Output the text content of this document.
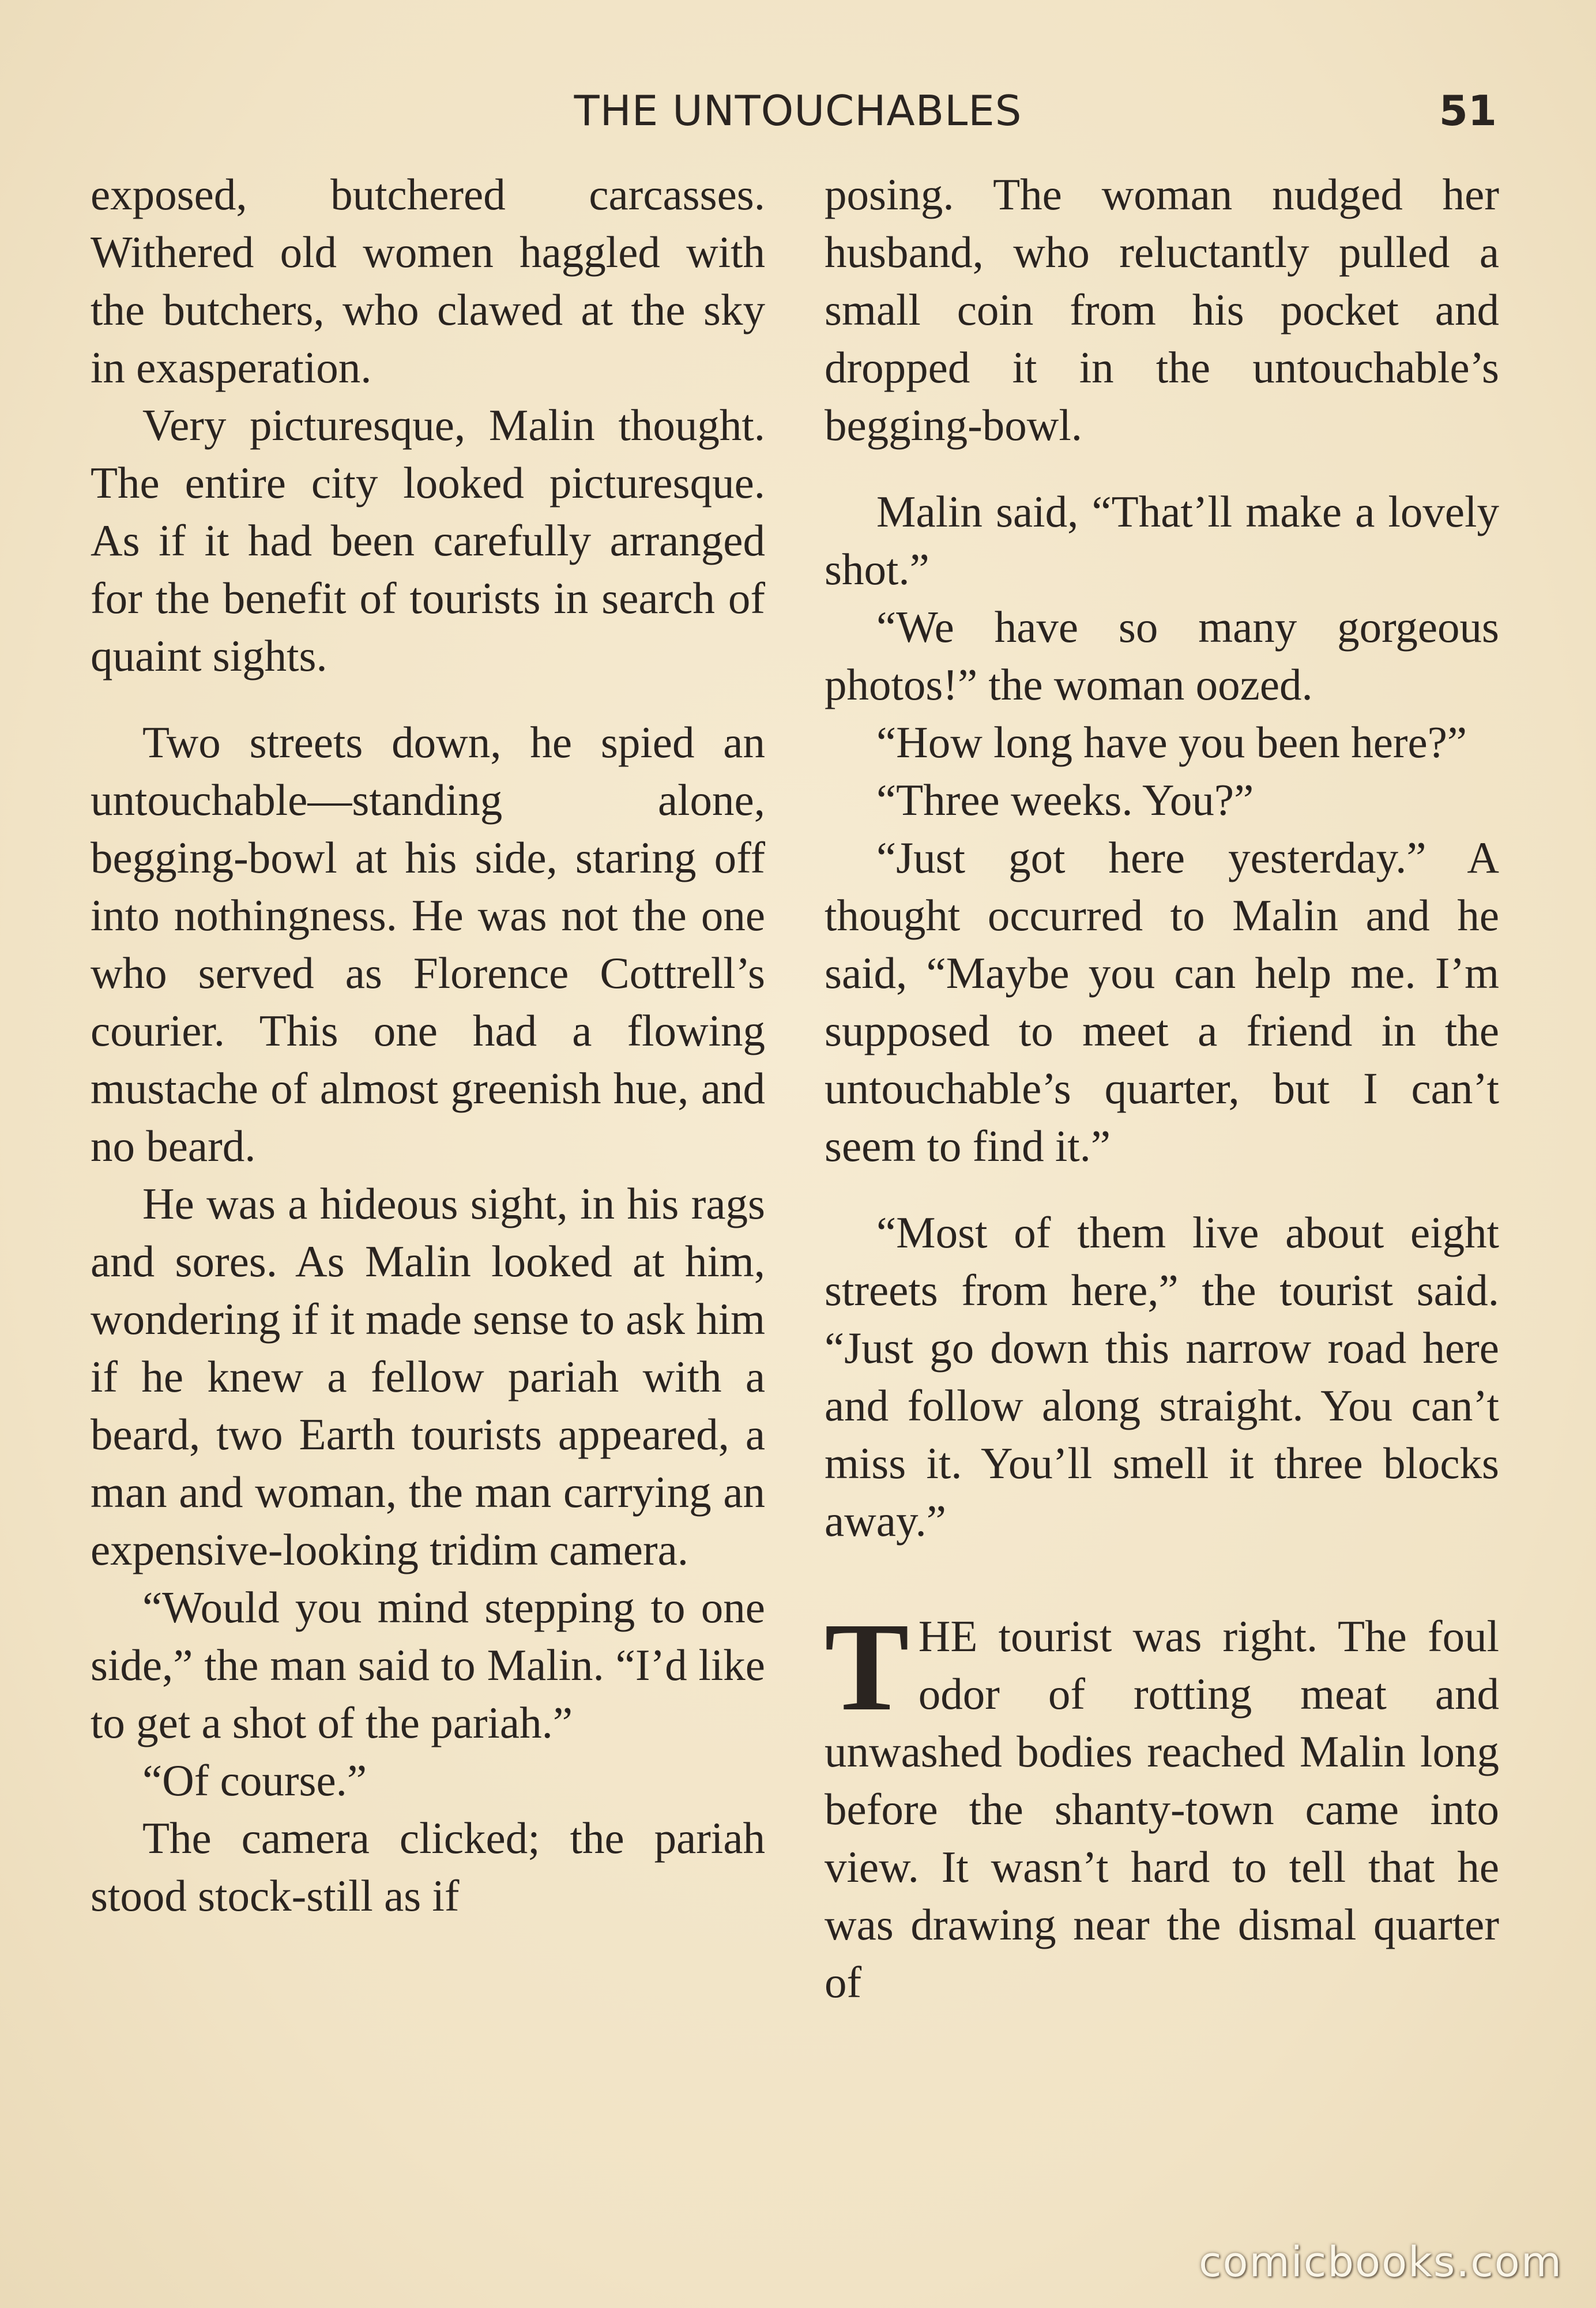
THE UNTOUCHABLES	51

exposed, butchered carcasses. Withered old women haggled with the butchers, who clawed at the sky in exasperation.

Very picturesque, Malin thought. The entire city looked picturesque. As if it had been carefully arranged for the benefit of tourists in search of quaint sights.

Two streets down, he spied an untouchable—standing alone, begging-bowl at his side, staring off into nothingness. He was not the one who served as Florence Cottrell’s courier. This one had a flowing mustache of almost greenish hue, and no beard.

He was a hideous sight, in his rags and sores. As Malin looked at him, wondering if it made sense to ask him if he knew a fellow pariah with a beard, two Earth tourists appeared, a man and woman, the man carrying an expensive-looking tridim camera.

“Would you mind stepping to one side,” the man said to Malin. “I’d like to get a shot of the pariah.”

“Of course.”

The camera clicked; the pariah stood stock-still as if

posing. The woman nudged her husband, who reluctantly pulled a small coin from his pocket and dropped it in the untouchable’s begging-bowl.

Malin said, “That’ll make a lovely shot.”

“We have so many gorgeous photos!” the woman oozed.

“How long have you been here?”

“Three weeks. You?”

“Just got here yesterday.” A thought occurred to Malin and he said, “Maybe you can help me. I’m supposed to meet a friend in the untouchable’s quarter, but I can’t seem to find it.”

“Most of them live about eight streets from here,” the tourist said. “Just go down this narrow road here and follow along straight. You can’t miss it. You’ll smell it three blocks away.”

THE tourist was right. The foul odor of rotting meat and unwashed bodies reached Malin long before the shanty-town came into view. It wasn’t hard to tell that he was drawing near the dismal quarter of

comicbooks.com
